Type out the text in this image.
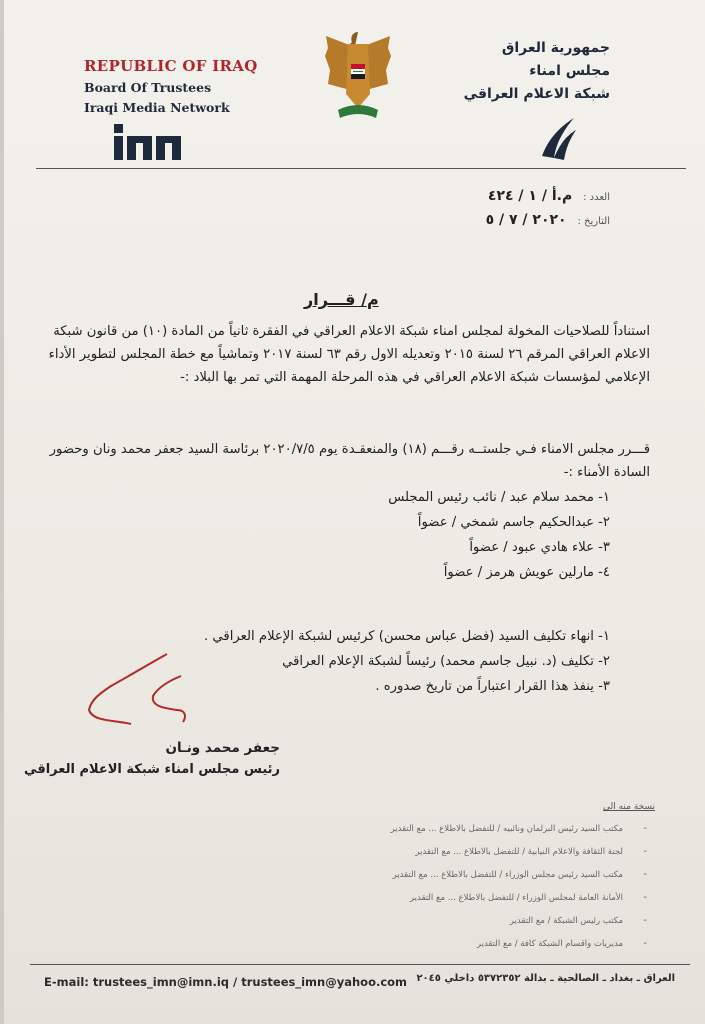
REPUBLIC OF IRAQ
Board Of Trustees
Iraqi Media Network
جمهورية العراق
مجلس امناء
شبكة الاعلام العراقي
العدد : م.أ / ١ / ٤٢٤
التاريخ : ٢٠٢٠ / ٧ / ٥
م/ قـــرار
استناداً للصلاحيات المخولة لمجلس امناء شبكة الاعلام العراقي في الفقرة ثانياً من المادة (١٠) من قانون شبكة الاعلام العراقي المرقم ٢٦ لسنة ٢٠١٥ وتعديله الاول رقم ٦٣ لسنة ٢٠١٧ وتماشياً مع خطة المجلس لتطوير الأداء الإعلامي لمؤسسات شبكة الاعلام العراقي في هذه المرحلة المهمة التي تمر بها البلاد :-
قـــرر مجلس الامناء فـي جلستــه رقـــم (١٨) والمنعقـدة يوم ٢٠٢٠/٧/٥ برئاسة السيد جعفر محمد ونان وحضور السادة الأمناء :-
١- محمد سلام عبد / نائب رئيس المجلس
٢- عبدالحكيم جاسم شمخي / عضواً
٣- علاء هادي عبود / عضواً
٤- مارلين عويش هرمز / عضواً
١- انهاء تكليف السيد (فضل عباس محسن) كرئيس لشبكة الإعلام العراقي .
٢- تكليف (د. نبيل جاسم محمد) رئيساً لشبكة الإعلام العراقي
٣- ينفذ هذا القرار اعتباراً من تاريخ صدوره .
جعفر محمد ونـان
رئيس مجلس امناء شبكة الاعلام العراقي
نسخة منه الى
-
مكتب السيد رئيس البرلمان ونائبيه / للتفضل بالاطلاع ... مع التقدير
-
لجنة الثقافة والاعلام النيابية / للتفضل بالاطلاع ... مع التقدير
-
مكتب السيد رئيس مجلس الوزراء / للتفضل بالاطلاع ... مع التقدير
-
الأمانة العامة لمجلس الوزراء / للتفضل بالاطلاع ... مع التقدير
-
مكتب رئيس الشبكة / مع التقدير
-
مديريات واقسام الشبكة كافة / مع التقدير
E-mail: trustees_imn@imn.iq / trustees_imn@yahoo.com العراق ـ بغداد ـ الصالحية ـ بدالة ٥٣٧٢٣٥٢ داخلي ٢٠٤٥
